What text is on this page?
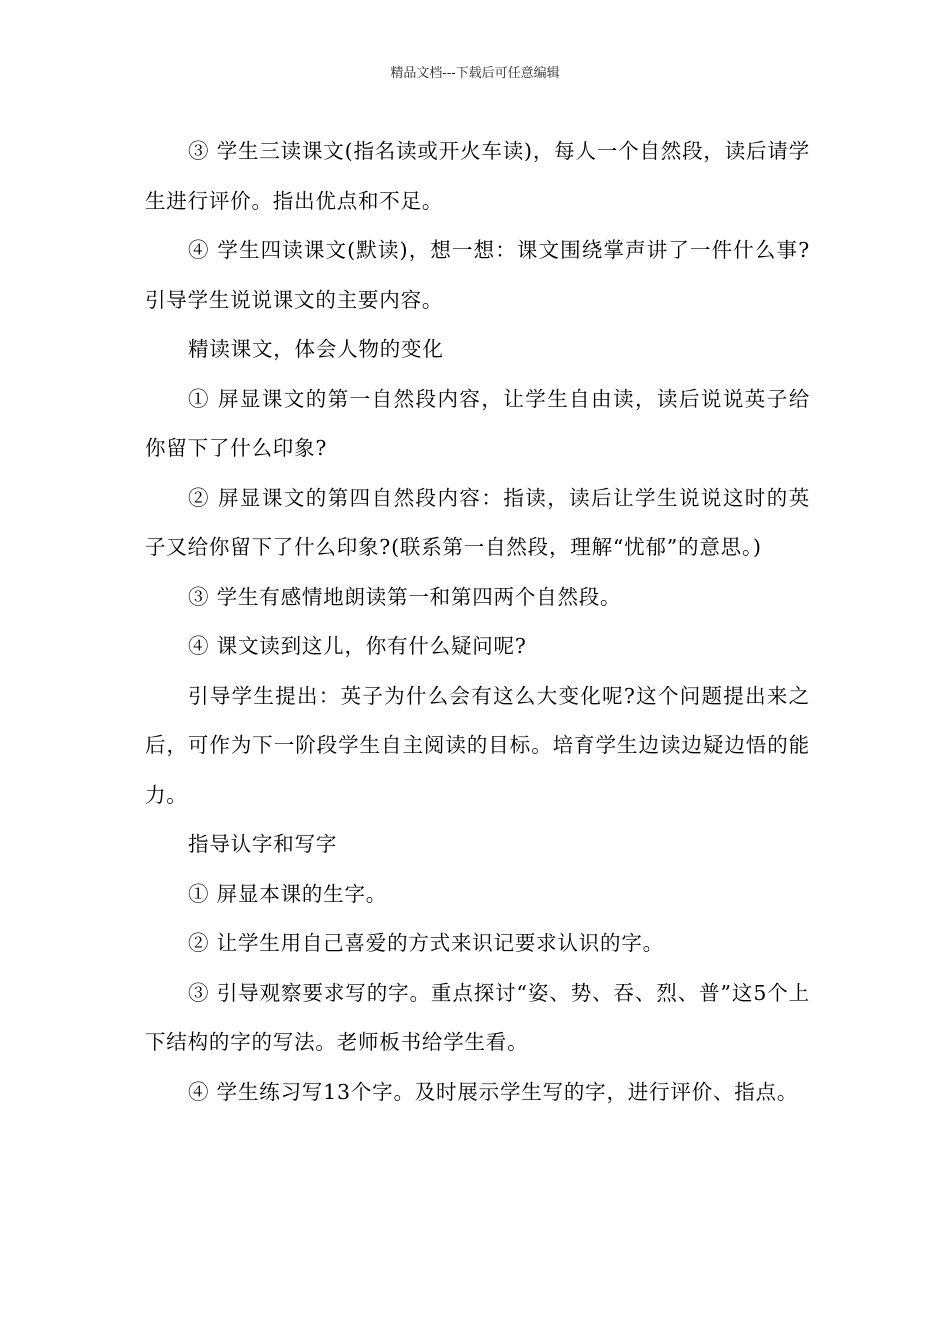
精品文档---下载后可任意编辑

③ 学生三读课文(指名读或开火车读)，每人一个自然段，读后请学生进行评价。指出优点和不足。

④ 学生四读课文(默读)，想一想：课文围绕掌声讲了一件什么事?引导学生说说课文的主要内容。

精读课文，体会人物的变化

① 屏显课文的第一自然段内容，让学生自由读，读后说说英子给你留下了什么印象?

② 屏显课文的第四自然段内容：指读，读后让学生说说这时的英子又给你留下了什么印象?(联系第一自然段，理解“忧郁”的意思。)

③ 学生有感情地朗读第一和第四两个自然段。

④ 课文读到这儿，你有什么疑问呢?

引导学生提出：英子为什么会有这么大变化呢?这个问题提出来之后，可作为下一阶段学生自主阅读的目标。培育学生边读边疑边悟的能力。

指导认字和写字

① 屏显本课的生字。

② 让学生用自己喜爱的方式来识记要求认识的字。

③ 引导观察要求写的字。重点探讨“姿、势、吞、烈、普”这5个上下结构的字的写法。老师板书给学生看。

④ 学生练习写13个字。及时展示学生写的字，进行评价、指点。
